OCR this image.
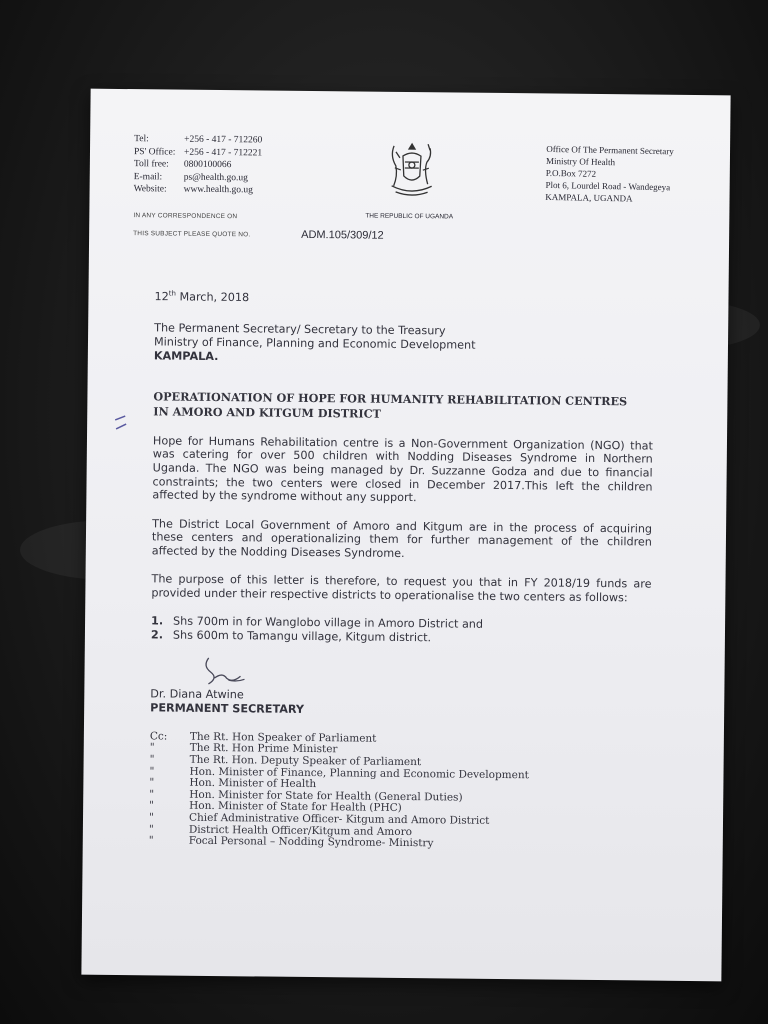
Tel:	+256 - 417 - 712260
PS' Office: +256 - 417 - 712221
Toll free: 0800100066
E-mail: ps@health.go.ug
Website: www.health.go.ug
IN ANY CORRESPONDENCE ON
THIS SUBJECT PLEASE QUOTE NO.	ADM.105/309/12
THE REPUBLIC OF UGANDA
Office Of The Permanent Secretary
Ministry Of Health
P.O.Box 7272
Plot 6, Lourdel Road - Wandegeya
KAMPALA, UGANDA
12th March, 2018
The Permanent Secretary/ Secretary to the Treasury
Ministry of Finance, Planning and Economic Development
KAMPALA.
OPERATIONATION OF HOPE FOR HUMANITY REHABILITATION CENTRES
IN AMORO AND KITGUM DISTRICT
Hope for Humans Rehabilitation centre is a Non-Government Organization (NGO) that was catering for over 500 children with Nodding Diseases Syndrome in Northern Uganda. The NGO was being managed by Dr. Suzzanne Godza and due to financial constraints; the two centers were closed in December 2017.This left the children affected by the syndrome without any support.
The District Local Government of Amoro and Kitgum are in the process of acquiring these centers and operationalizing them for further management of the children affected by the Nodding Diseases Syndrome.
The purpose of this letter is therefore, to request you that in FY 2018/19 funds are provided under their respective districts to operationalise the two centers as follows:
1. Shs 700m in for Wanglobo village in Amoro District and
2. Shs 600m to Tamangu village, Kitgum district.
Dr. Diana Atwine
PERMANENT SECRETARY
Cc: The Rt. Hon Speaker of Parliament
"	The Rt. Hon Prime Minister
"	The Rt. Hon. Deputy Speaker of Parliament
"	Hon. Minister of Finance, Planning and Economic Development
"	Hon. Minister of Health
"	Hon. Minister for State for Health (General Duties)
"	Hon. Minister of State for Health (PHC)
"	Chief Administrative Officer- Kitgum and Amoro District
"	District Health Officer/Kitgum and Amoro
"	Focal Personal – Nodding Syndrome- Ministry
